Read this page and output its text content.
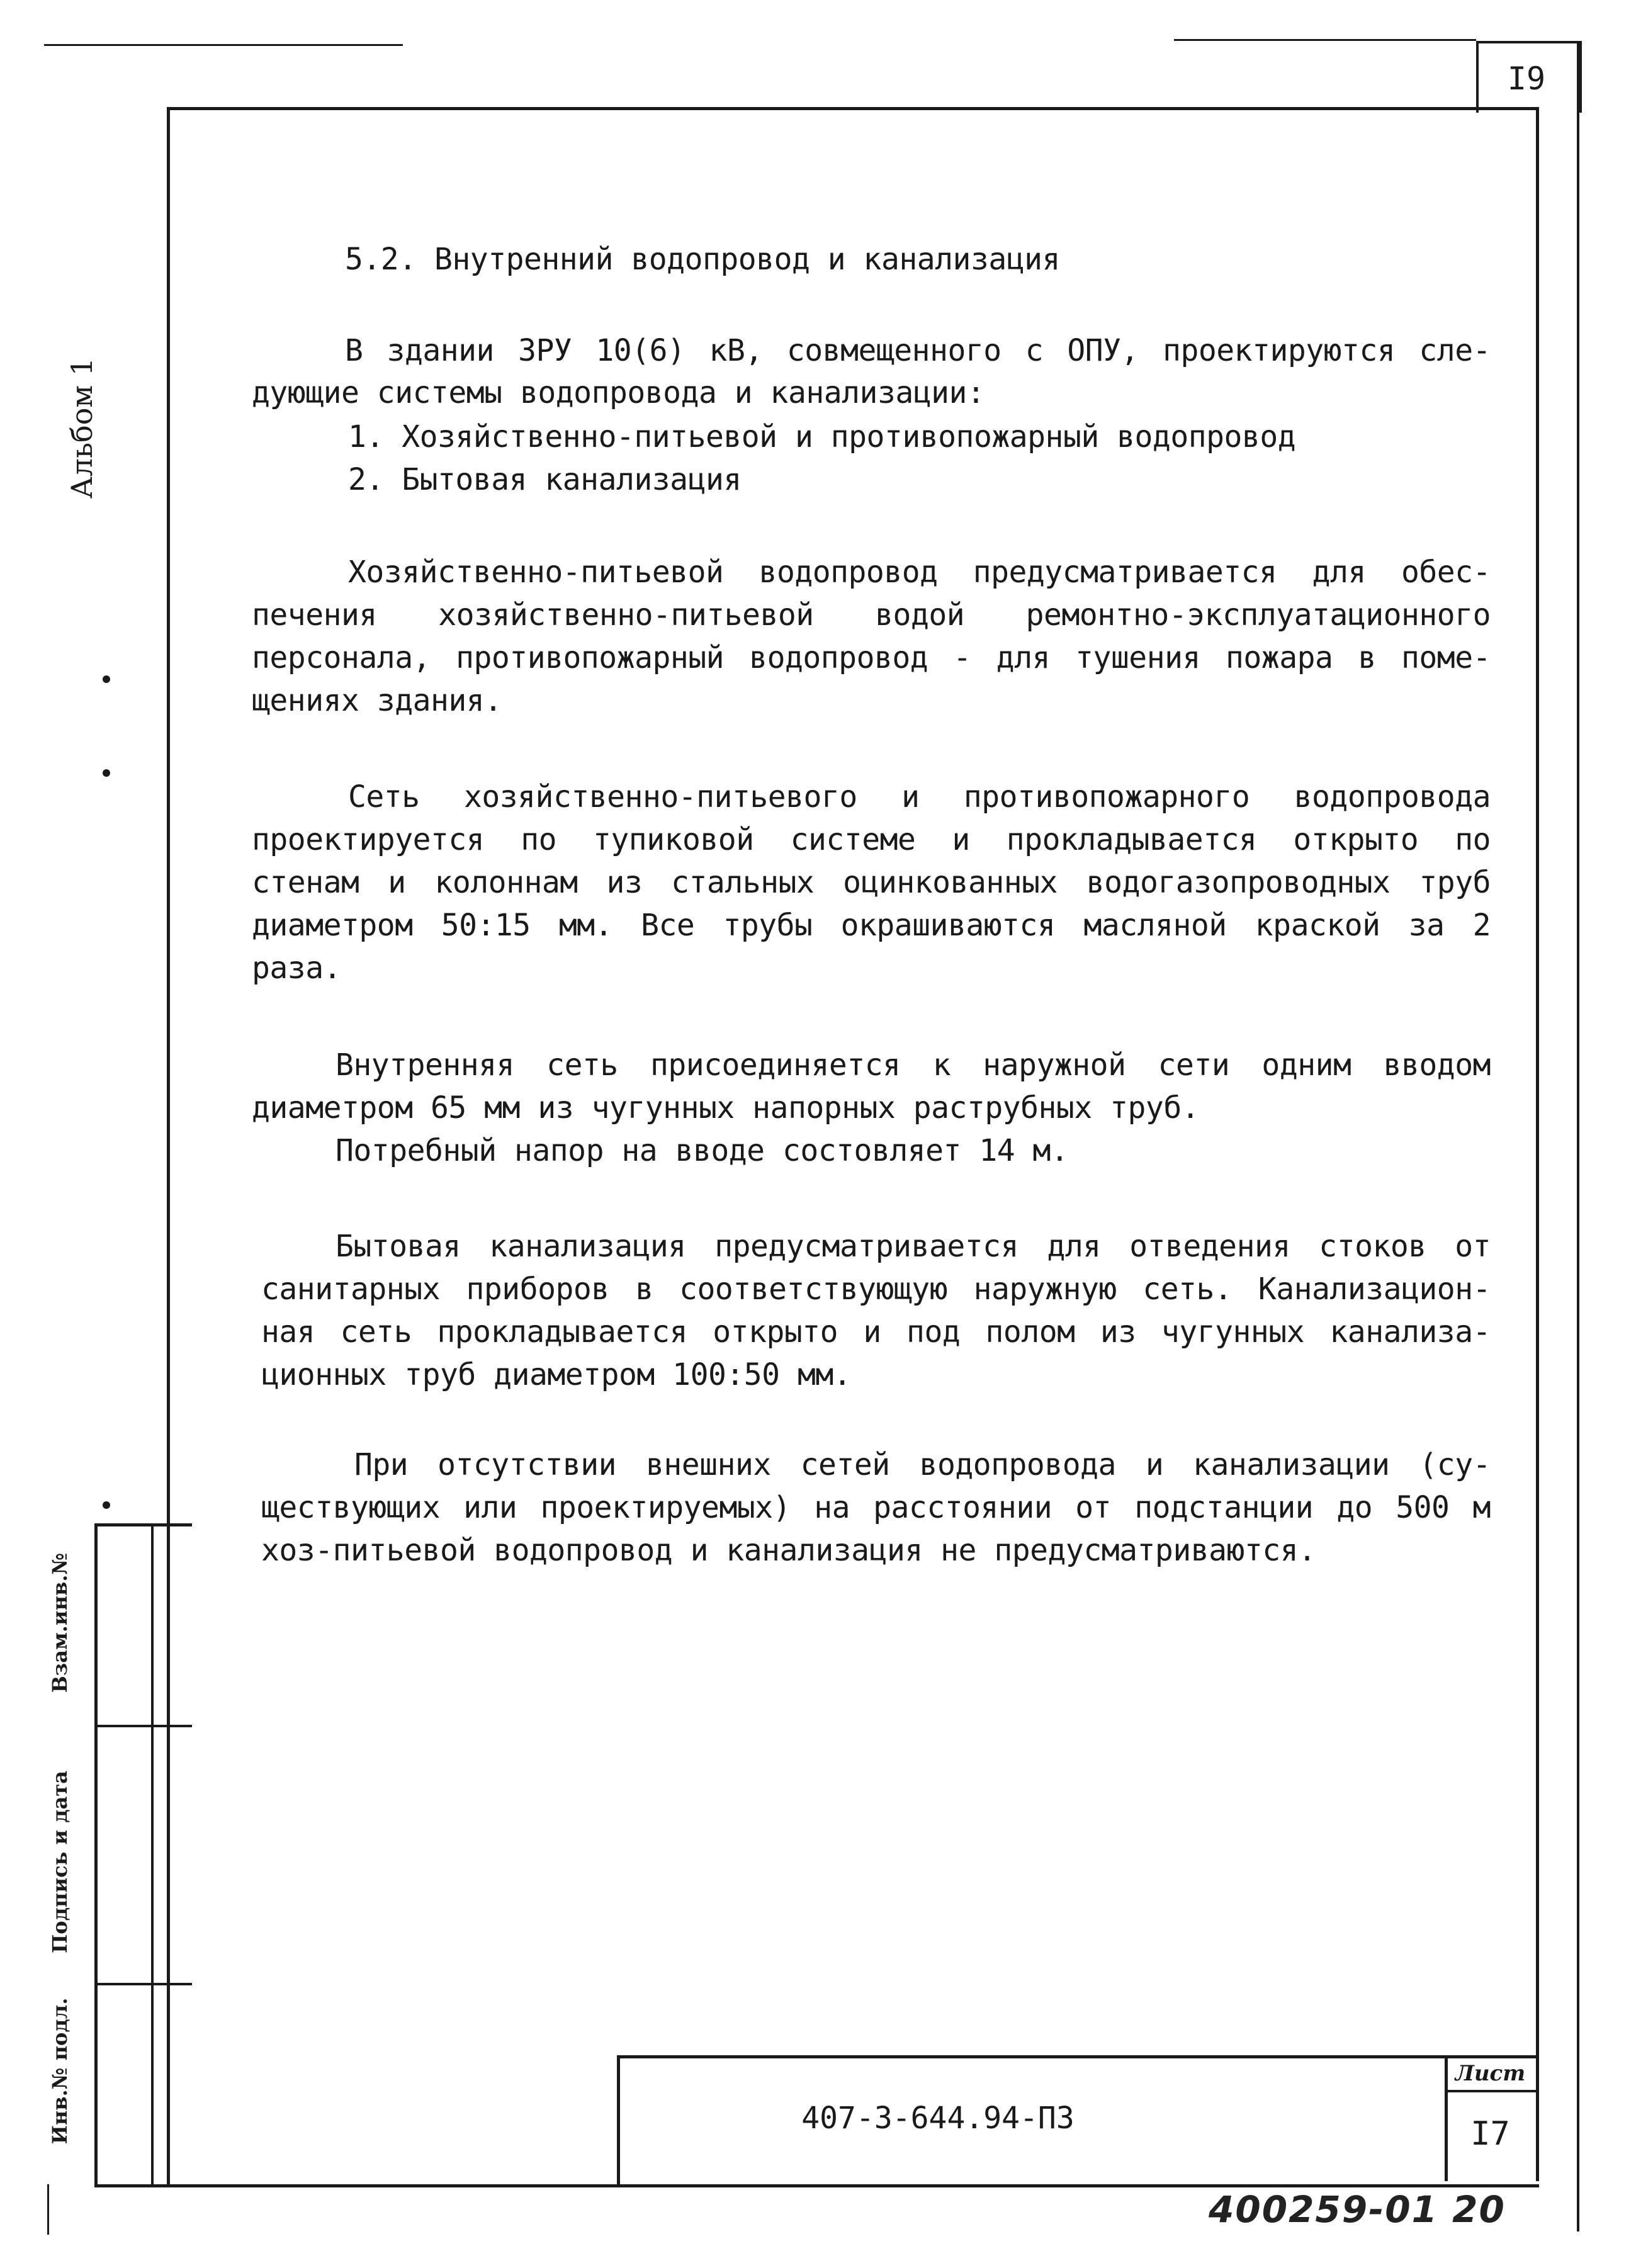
I9
Альбом 1
Взам.инв.№
Подпись и дата
Инв.№ подл.
5.2. Внутренний водопровод и канализация
В здании ЗРУ 10(6) кВ, совмещенного с ОПУ, проектируются сле-
дующие системы водопровода и канализации:
1. Хозяйственно-питьевой и противопожарный водопровод
2. Бытовая канализация
Хозяйственно-питьевой водопровод предусматривается для обес-
печения хозяйственно-питьевой водой ремонтно-эксплуатационного
персонала, противопожарный водопровод - для тушения пожара в поме-
щениях здания.
Сеть хозяйственно-питьевого и противопожарного водопровода
проектируется по тупиковой системе и прокладывается открыто по
стенам и колоннам из стальных оцинкованных водогазопроводных труб
диаметром 50:15 мм. Все трубы окрашиваются масляной краской за 2
раза.
Внутренняя сеть присоединяется к наружной сети одним вводом
диаметром 65 мм из чугунных напорных раструбных труб.
Потребный напор на вводе состовляет 14 м.
Бытовая канализация предусматривается для отведения стоков от
санитарных приборов в соответствующую наружную сеть. Канализацион-
ная сеть прокладывается открыто и под полом из чугунных канализа-
ционных труб диаметром 100:50 мм.
При отсутствии внешних сетей водопровода и канализации (су-
ществующих или проектируемых) на расстоянии от подстанции до 500 м
хоз-питьевой водопровод и канализация не предусматриваются.
407-3-644.94-ПЗ
Лист
I7
400259-01 20
